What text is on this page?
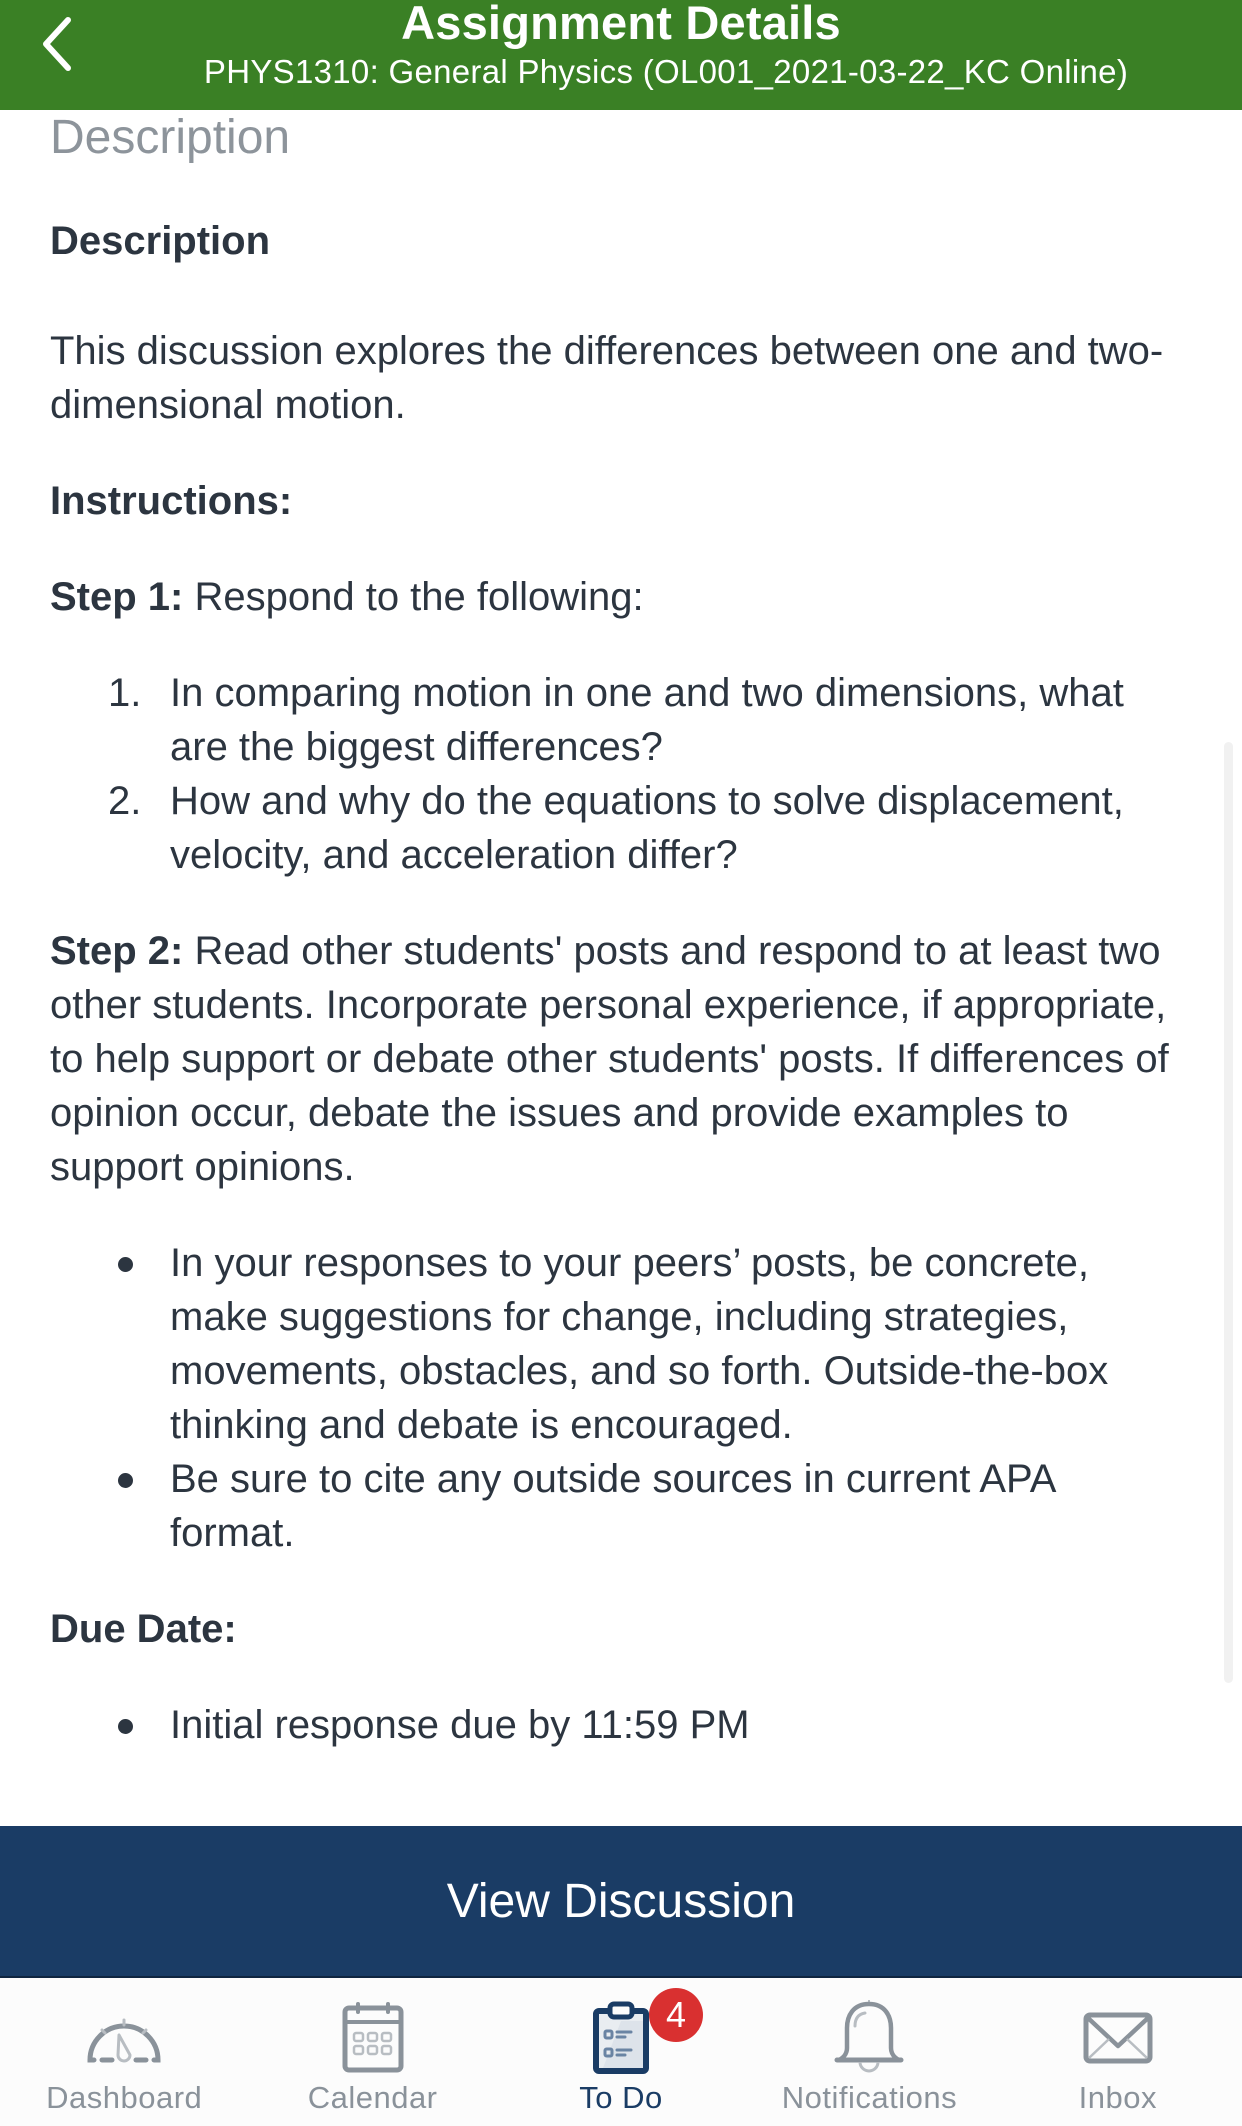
Assignment Details
PHYS1310: General Physics (OL001_2021-03-22_KC Online)
Description
Description

This discussion explores the differences between one and two-dimensional motion.

Instructions:

Step 1: Respond to the following:

1. In comparing motion in one and two dimensions, what are the biggest differences?
2. How and why do the equations to solve displacement, velocity, and acceleration differ?

Step 2: Read other students' posts and respond to at least two other students. Incorporate personal experience, if appropriate, to help support or debate other students' posts. If differences of opinion occur, debate the issues and provide examples to support opinions.

In your responses to your peers’ posts, be concrete, make suggestions for change, including strategies, movements, obstacles, and so forth. Outside-the-box thinking and debate is encouraged.
Be sure to cite any outside sources in current APA format.
Due Date:
Initial response due by 11:59 PM
View Discussion
Dashboard	Calendar
4
To Do	Notifications	Inbox
